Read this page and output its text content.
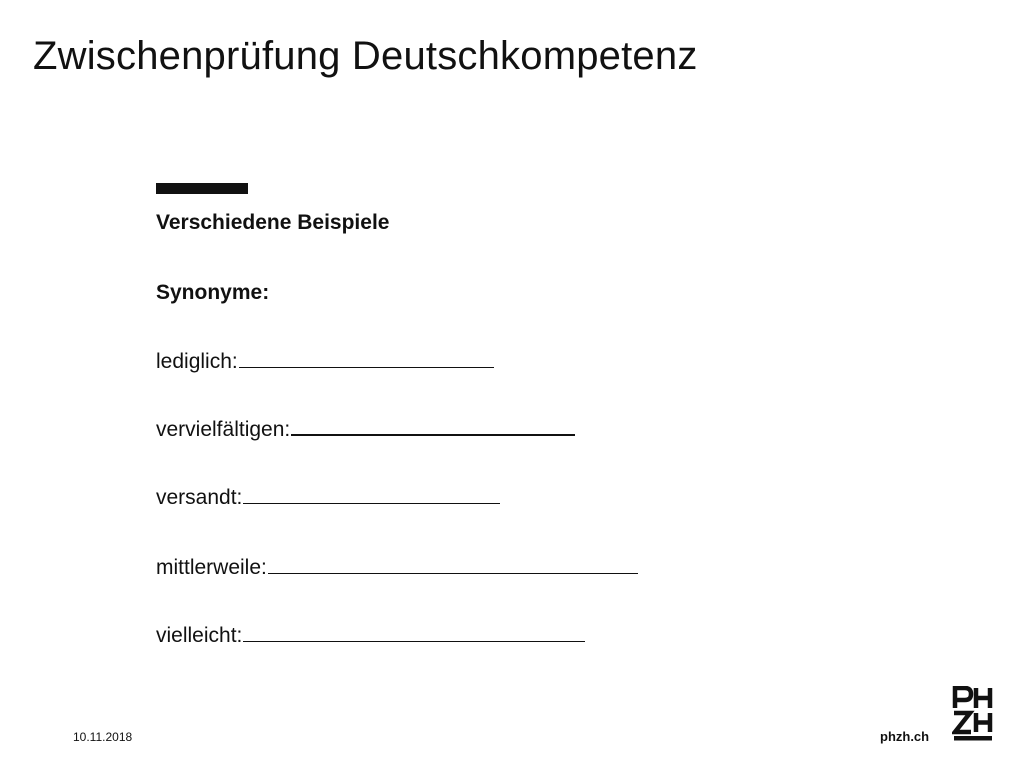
Zwischenprüfung Deutschkompetenz
Verschiedene Beispiele
Synonyme:
lediglich:
vervielfältigen:
versandt:
mittlerweile:
vielleicht:
10.11.2018	phzh.ch
